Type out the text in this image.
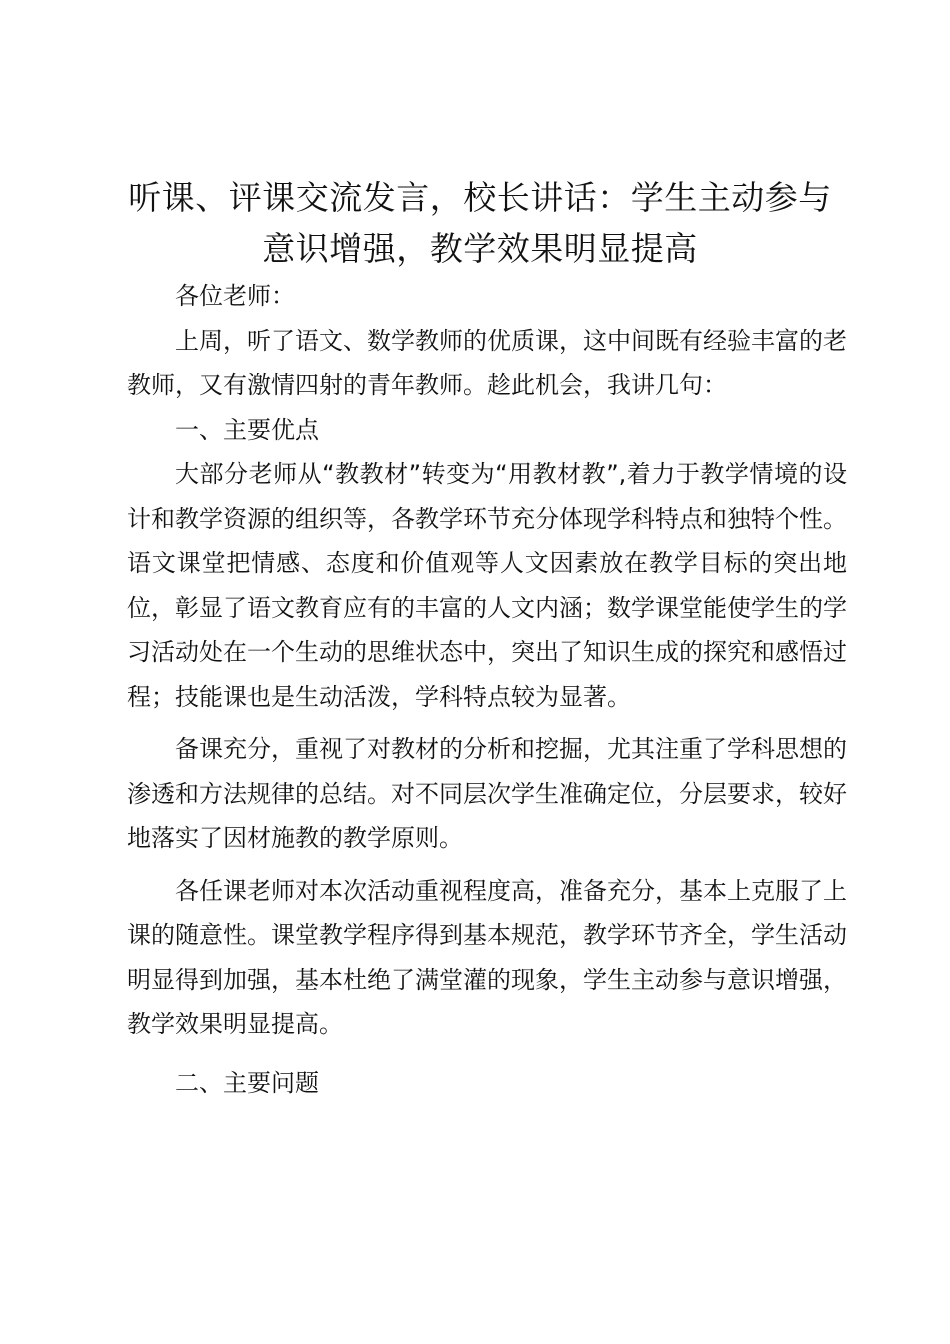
听课、评课交流发言，校长讲话：学生主动参与意识增强，教学效果明显提高

各位老师：

上周，听了语文、数学教师的优质课，这中间既有经验丰富的老教师，又有激情四射的青年教师。趁此机会，我讲几句：

一、主要优点

大部分老师从“教教材”转变为“用教材教”,着力于教学情境的设计和教学资源的组织等，各教学环节充分体现学科特点和独特个性。语文课堂把情感、态度和价值观等人文因素放在教学目标的突出地位，彰显了语文教育应有的丰富的人文内涵；数学课堂能使学生的学习活动处在一个生动的思维状态中，突出了知识生成的探究和感悟过程；技能课也是生动活泼，学科特点较为显著。

备课充分，重视了对教材的分析和挖掘，尤其注重了学科思想的渗透和方法规律的总结。对不同层次学生准确定位，分层要求，较好地落实了因材施教的教学原则。

各任课老师对本次活动重视程度高，准备充分，基本上克服了上课的随意性。课堂教学程序得到基本规范，教学环节齐全，学生活动明显得到加强，基本杜绝了满堂灌的现象，学生主动参与意识增强，教学效果明显提高。

二、主要问题
